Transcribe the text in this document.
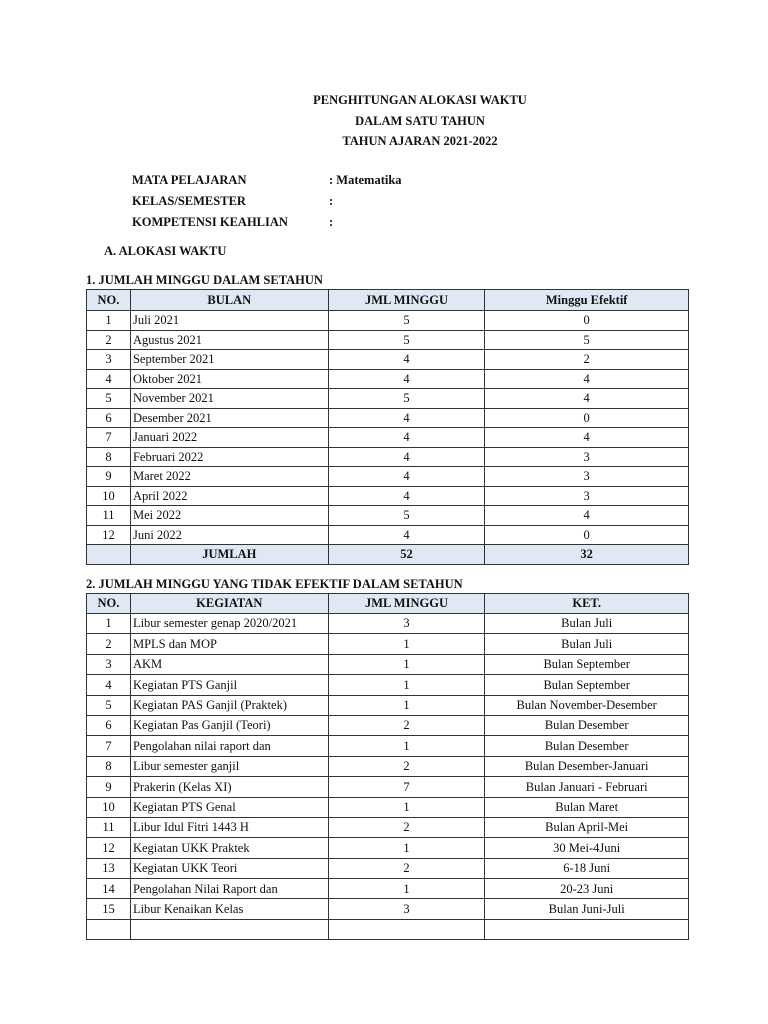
PENGHITUNGAN ALOKASI WAKTU
DALAM SATU TAHUN
TAHUN AJARAN 2021-2022
MATA PELAJARAN	: Matematika
KELAS/SEMESTER	:
KOMPETENSI KEAHLIAN	:
A. ALOKASI WAKTU
1. JUMLAH MINGGU DALAM SETAHUN
NO.	BULAN	JML MINGGU	Minggu Efektif
1	Juli 2021	5	0
2	Agustus 2021	5	5
3	September 2021	4	2
4	Oktober 2021	4	4
5	November 2021	5	4
6	Desember 2021	4	0
7	Januari 2022	4	4
8	Februari 2022	4	3
9	Maret 2022	4	3
10	April 2022	4	3
11	Mei 2022	5	4
12	Juni 2022	4	0
	JUMLAH	52	32
2. JUMLAH MINGGU YANG TIDAK EFEKTIF DALAM SETAHUN
NO.	KEGIATAN	JML MINGGU	KET.
1	Libur semester genap 2020/2021	3	Bulan Juli
2	MPLS dan MOP	1	Bulan Juli
3	AKM	1	Bulan September
4	Kegiatan PTS Ganjil	1	Bulan September
5	Kegiatan PAS Ganjil (Praktek)	1	Bulan November-Desember
6	Kegiatan Pas Ganjil (Teori)	2	Bulan Desember
7	Pengolahan nilai raport dan	1	Bulan Desember
8	Libur semester ganjil	2	Bulan Desember-Januari
9	Prakerin (Kelas XI)	7	Bulan Januari - Februari
10	Kegiatan PTS Genal	1	Bulan Maret
11	Libur Idul Fitri 1443 H	2	Bulan April-Mei
12	Kegiatan UKK Praktek	1	30 Mei-4Juni
13	Kegiatan UKK Teori	2	6-18 Juni
14	Pengolahan Nilai Raport dan	1	20-23 Juni
15	Libur Kenaikan Kelas	3	Bulan Juni-Juli
